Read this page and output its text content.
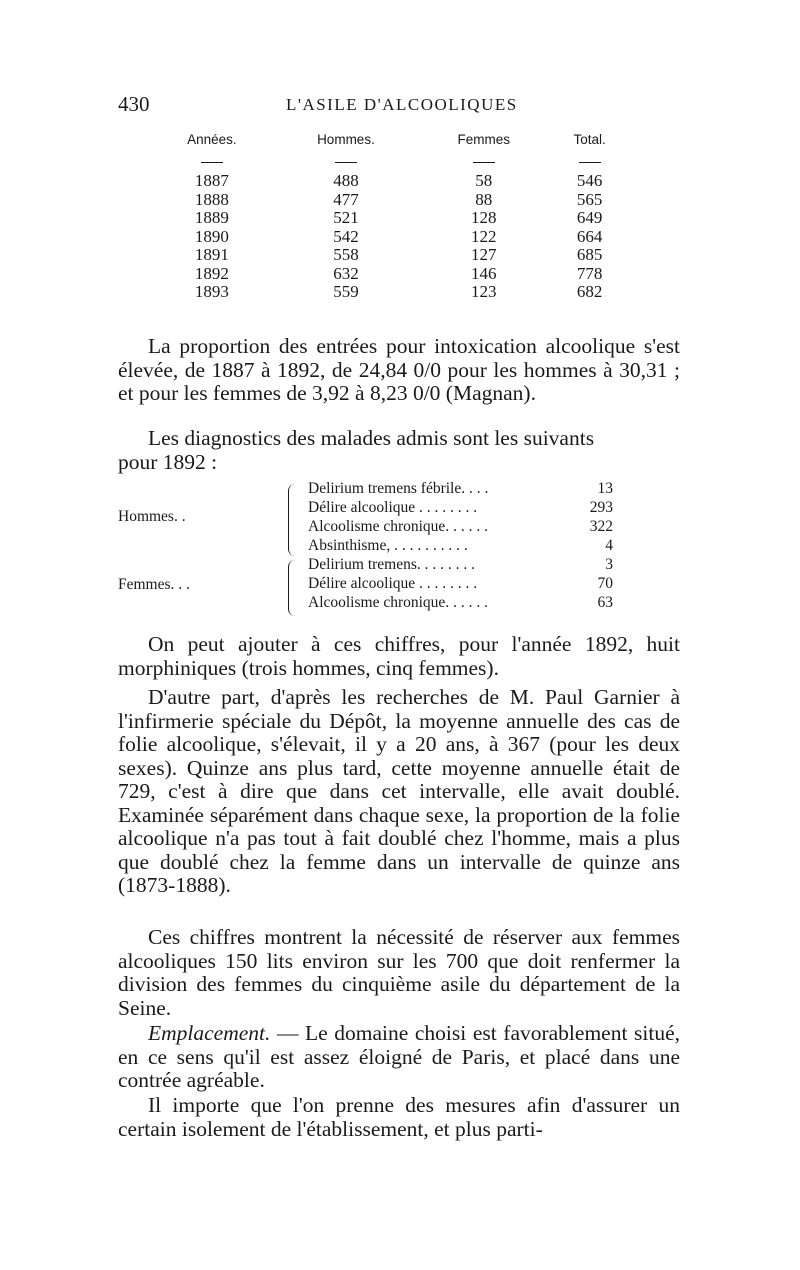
430	L'ASILE D'ALCOOLIQUES
Années.	Hommes.	Femmes	Total.

1887	488	58	546
1888	477	88	565
1889	521	128	649
1890	542	122	664
1891	558	127	685
1892	632	146	778
1893	559	123	682

La proportion des entrées pour intoxication alcoolique s'est élevée, de 1887 à 1892, de 24,84 0/0 pour les hommes à 30,31 ; et pour les femmes de 3,92 à 8,23 0/0 (Magnan).

Les diagnostics des malades admis sont les suivants

pour 1892 :
Hommes. .
Delirium tremens fébrile. . . .	13
Délire alcoolique . . . . . . . .	293
Alcoolisme chronique. . . . . .	322
Absinthisme, . . . . . . . . . .	4
Femmes. . .
Delirium tremens. . . . . . . .	3
Délire alcoolique . . . . . . . .	70
Alcoolisme chronique. . . . . .	63

On peut ajouter à ces chiffres, pour l'année 1892, huit morphiniques (trois hommes, cinq femmes).

D'autre part, d'après les recherches de M. Paul Garnier à l'infirmerie spéciale du Dépôt, la moyenne annuelle des cas de folie alcoolique, s'élevait, il y a 20 ans, à 367 (pour les deux sexes). Quinze ans plus tard, cette moyenne annuelle était de 729, c'est à dire que dans cet intervalle, elle avait doublé. Examinée séparément dans chaque sexe, la proportion de la folie alcoolique n'a pas tout à fait doublé chez l'homme, mais a plus que doublé chez la femme dans un intervalle de quinze ans (1873-1888).

Ces chiffres montrent la nécessité de réserver aux femmes alcooliques 150 lits environ sur les 700 que doit renfermer la division des femmes du cinquième asile du département de la Seine.

Emplacement. — Le domaine choisi est favorablement situé, en ce sens qu'il est assez éloigné de Paris, et placé dans une contrée agréable.

Il importe que l'on prenne des mesures afin d'assurer un certain isolement de l'établissement, et plus parti-
